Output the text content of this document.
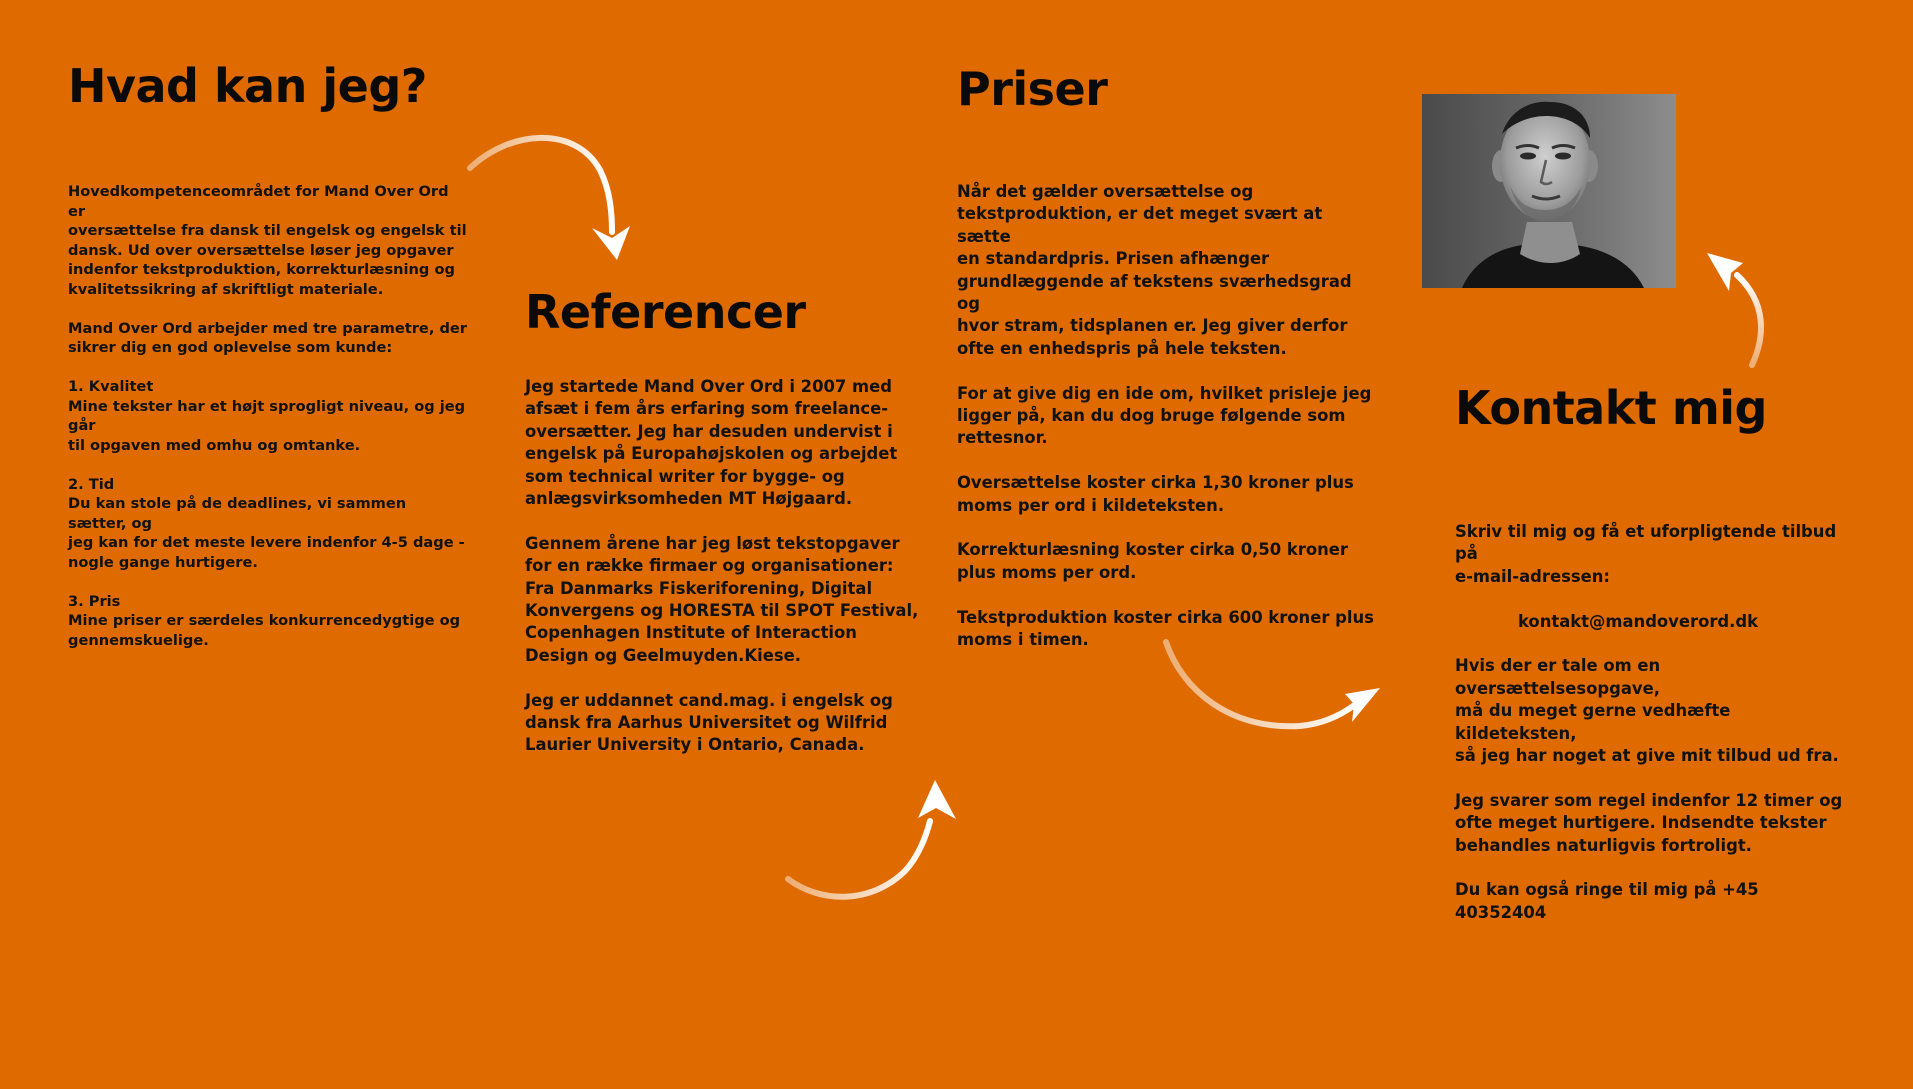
Hvad kan jeg?

Hovedkompetenceområdet for Mand Over Ord er
oversættelse fra dansk til engelsk og engelsk til
dansk. Ud over oversættelse løser jeg opgaver
indenfor tekstproduktion, korrekturlæsning og
kvalitetssikring af skriftligt materiale.

Mand Over Ord arbejder med tre parametre, der
sikrer dig en god oplevelse som kunde:

1. Kvalitet

Mine tekster har et højt sprogligt niveau, og jeg går
til opgaven med omhu og omtanke.

2. Tid

Du kan stole på de deadlines, vi sammen sætter, og
jeg kan for det meste levere indenfor 4-5 dage -
nogle gange hurtigere.

3. Pris

Mine priser er særdeles konkurrencedygtige og
gennemskuelige.

Referencer

Jeg startede Mand Over Ord i 2007 med
afsæt i fem års erfaring som freelance-
oversætter. Jeg har desuden undervist i
engelsk på Europahøjskolen og arbejdet
som technical writer for bygge- og
anlægsvirksomheden MT Højgaard.

Gennem årene har jeg løst tekstopgaver
for en række firmaer og organisationer:
Fra Danmarks Fiskeriforening, Digital
Konvergens og HORESTA til SPOT Festival,
Copenhagen Institute of Interaction
Design og Geelmuyden.Kiese.

Jeg er uddannet cand.mag. i engelsk og
dansk fra Aarhus Universitet og Wilfrid
Laurier University i Ontario, Canada.

Priser

Når det gælder oversættelse og
tekstproduktion, er det meget svært at sætte
en standardpris. Prisen afhænger
grundlæggende af tekstens sværhedsgrad og
hvor stram, tidsplanen er. Jeg giver derfor
ofte en enhedspris på hele teksten.

For at give dig en ide om, hvilket prisleje jeg
ligger på, kan du dog bruge følgende som
rettesnor.

Oversættelse koster cirka 1,30 kroner plus
moms per ord i kildeteksten.

Korrekturlæsning koster cirka 0,50 kroner
plus moms per ord.

Tekstproduktion koster cirka 600 kroner plus
moms i timen.

Kontakt mig

Skriv til mig og få et uforpligtende tilbud på
e-mail-adressen:

kontakt@mandoverord.dk

Hvis der er tale om en oversættelsesopgave,
må du meget gerne vedhæfte kildeteksten,
så jeg har noget at give mit tilbud ud fra.

Jeg svarer som regel indenfor 12 timer og
ofte meget hurtigere. Indsendte tekster
behandles naturligvis fortroligt.

Du kan også ringe til mig på +45 40352404
